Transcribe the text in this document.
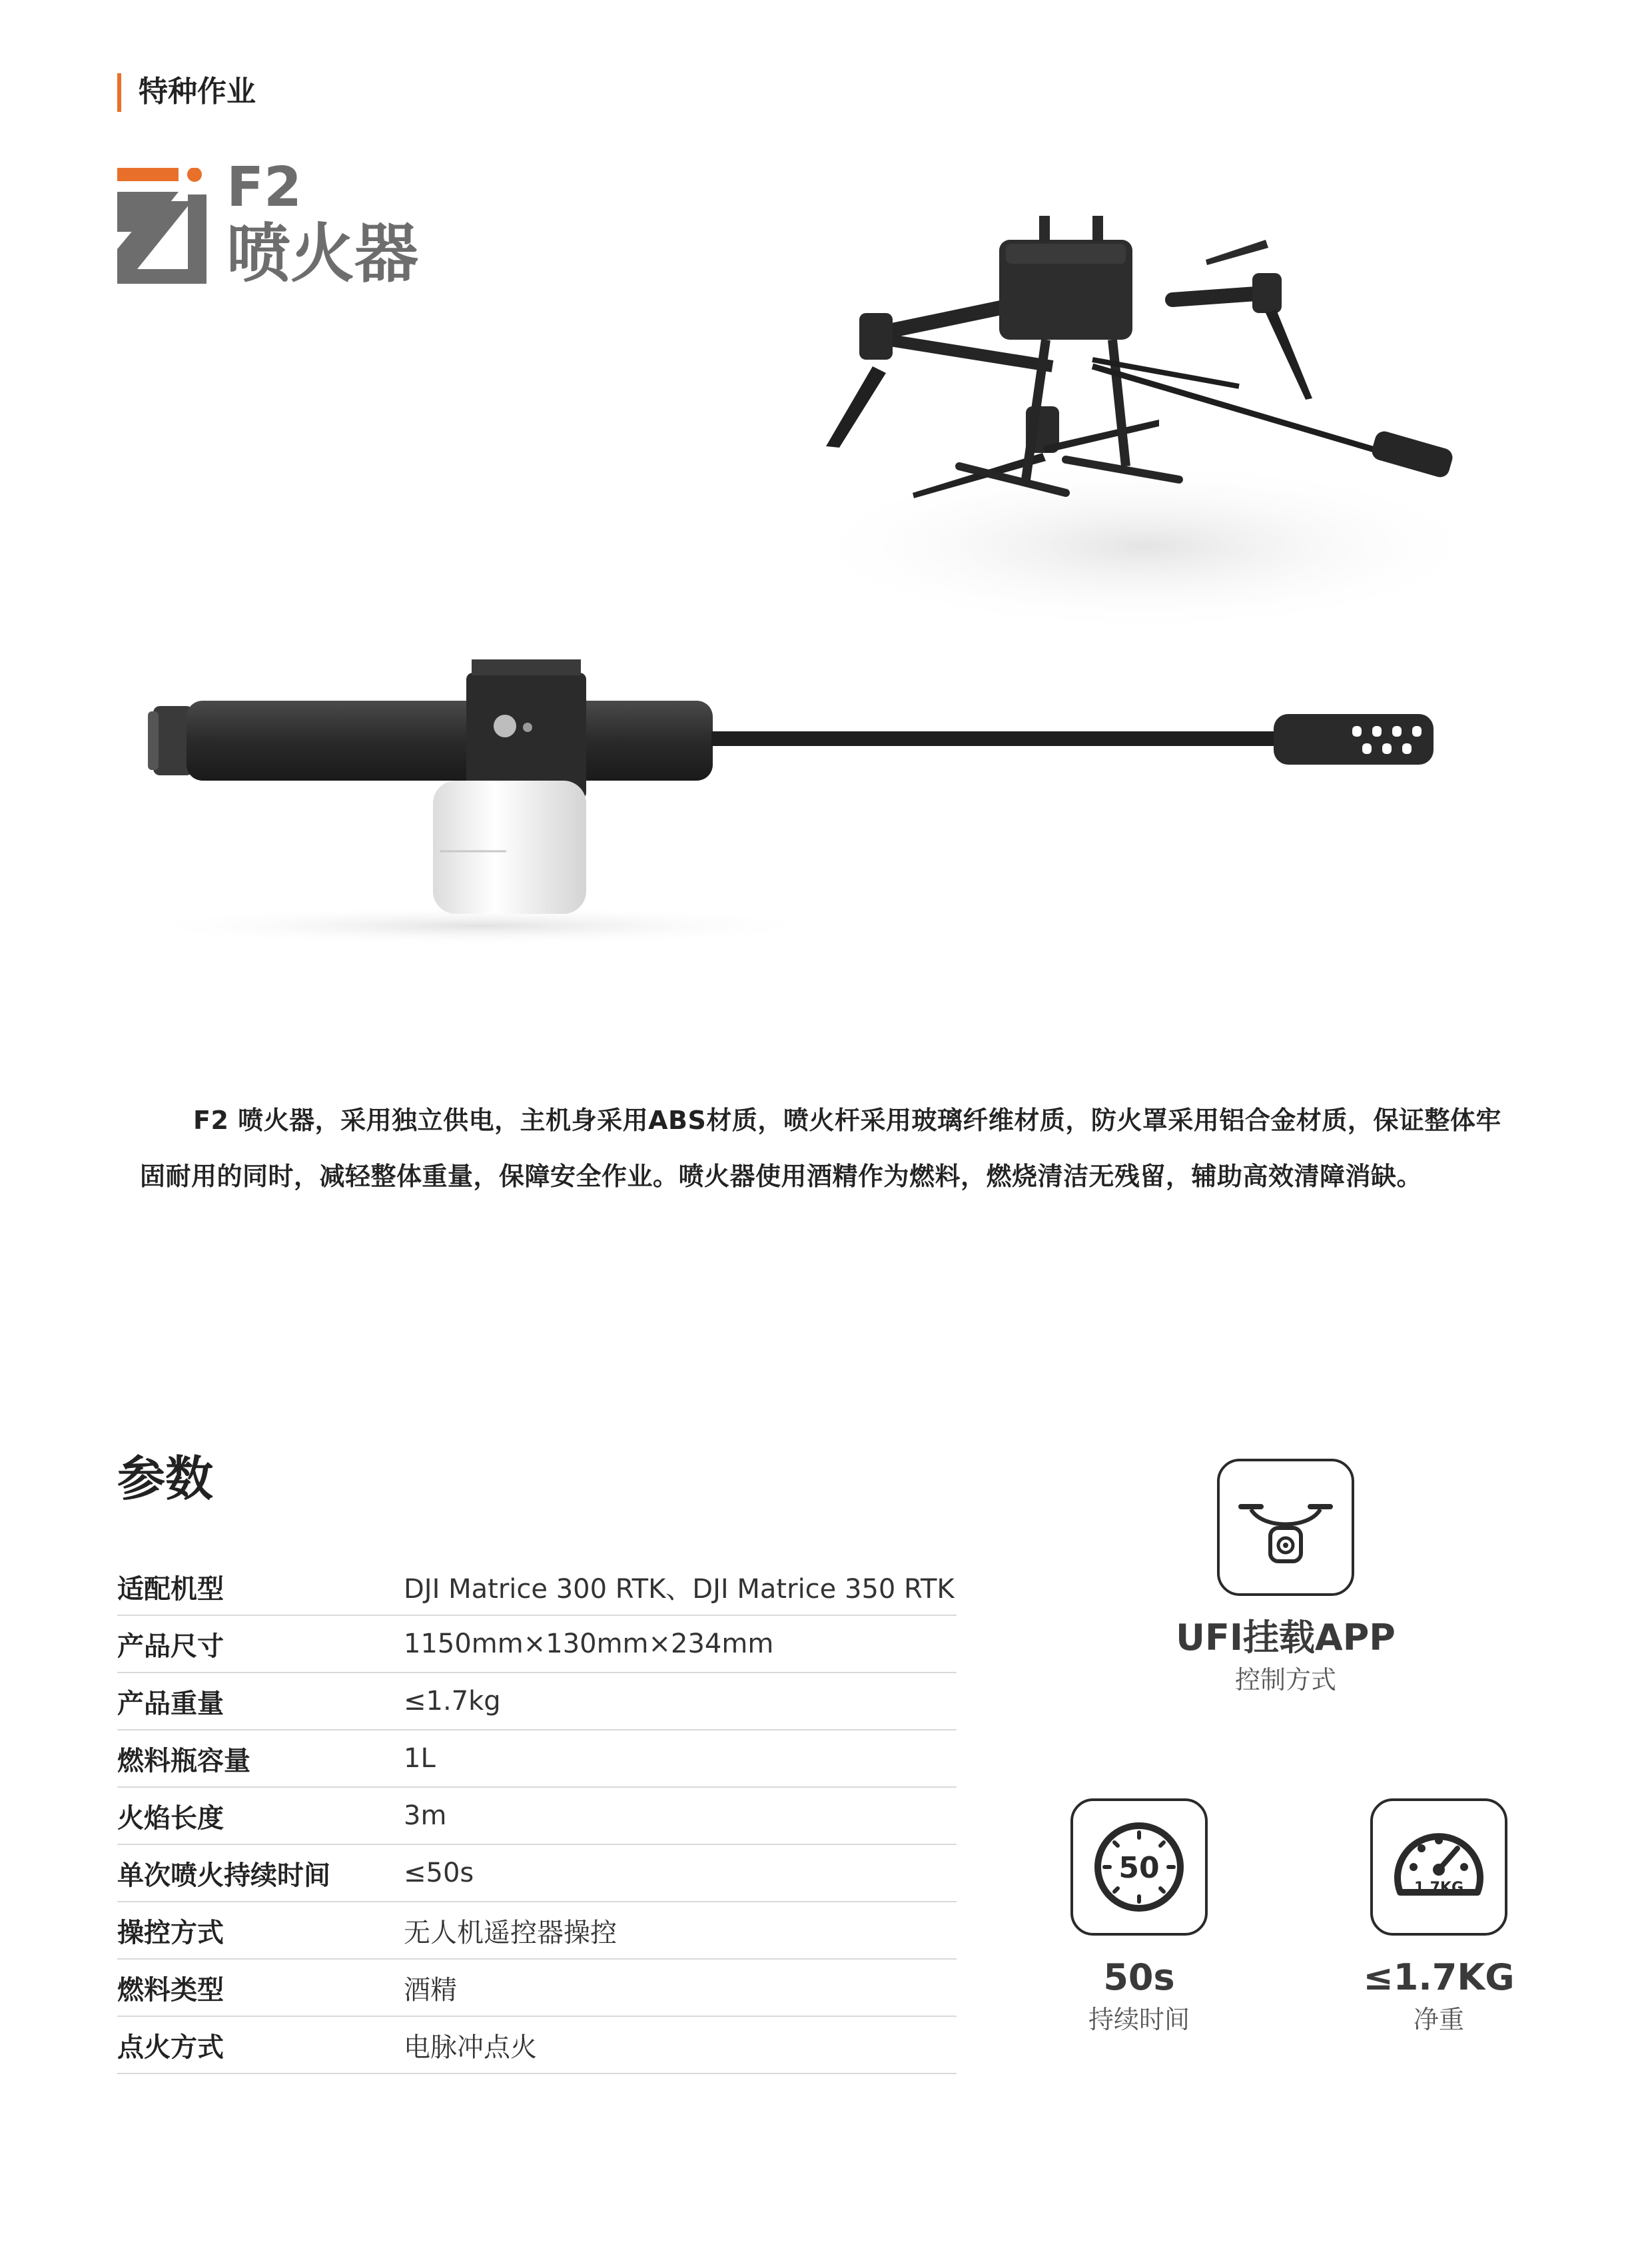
特种作业
F2
喷火器
F2 喷火器，采用独立供电，主机身采用ABS材质，喷火杆采用玻璃纤维材质，防火罩采用铝合金材质，保证整体牢固耐用的同时，减轻整体重量，保障安全作业。喷火器使用酒精作为燃料，燃烧清洁无残留，辅助高效清障消缺。
参数
适配机型	DJI Matrice 300 RTK、DJI Matrice 350 RTK
产品尺寸	1150mm×130mm×234mm
产品重量	≤1.7kg
燃料瓶容量	1L
火焰长度	3m
单次喷火持续时间	≤50s
操控方式	无人机遥控器操控
燃料类型	酒精
点火方式	电脉冲点火
UFI挂载APP
控制方式
50
50s
持续时间
1.7KG
≤1.7KG
净重
